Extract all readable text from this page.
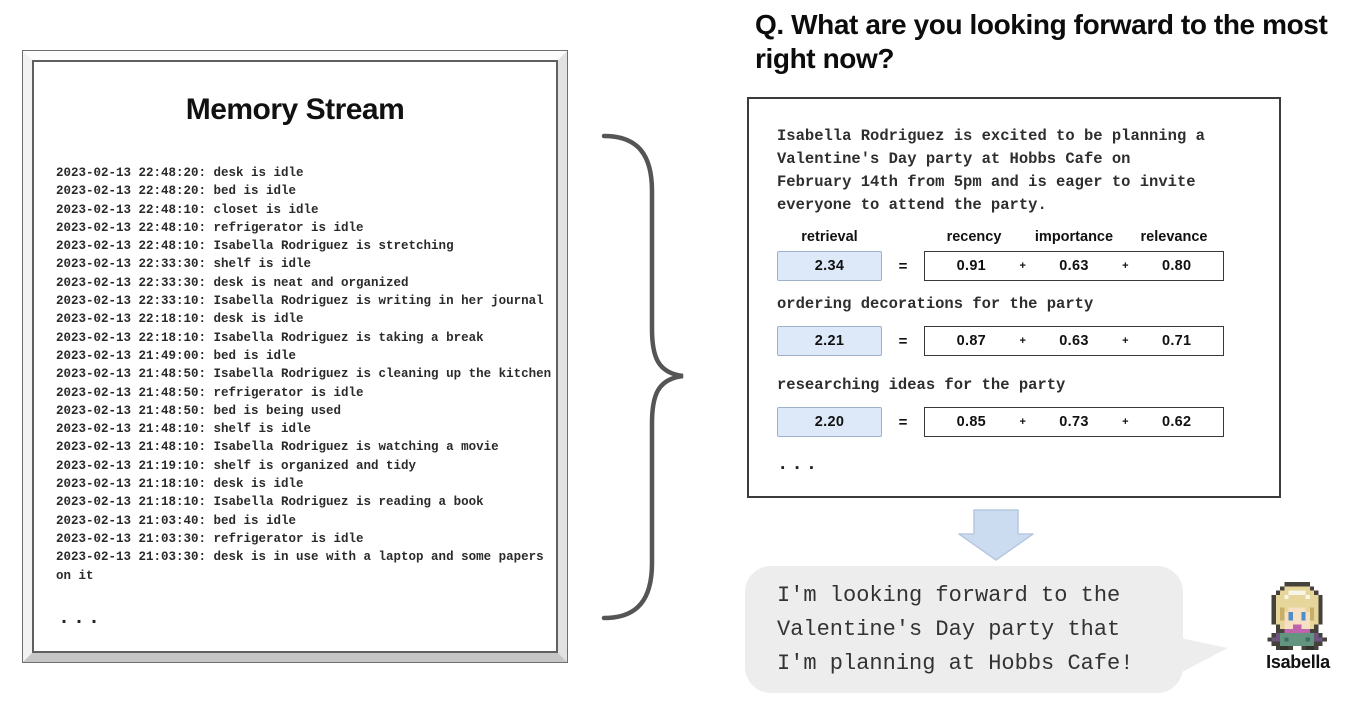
Memory Stream
2023-02-13 22:48:20: desk is idle
2023-02-13 22:48:20: bed is idle
2023-02-13 22:48:10: closet is idle
2023-02-13 22:48:10: refrigerator is idle
2023-02-13 22:48:10: Isabella Rodriguez is stretching
2023-02-13 22:33:30: shelf is idle
2023-02-13 22:33:30: desk is neat and organized
2023-02-13 22:33:10: Isabella Rodriguez is writing in her journal
2023-02-13 22:18:10: desk is idle
2023-02-13 22:18:10: Isabella Rodriguez is taking a break
2023-02-13 21:49:00: bed is idle
2023-02-13 21:48:50: Isabella Rodriguez is cleaning up the kitchen
2023-02-13 21:48:50: refrigerator is idle
2023-02-13 21:48:50: bed is being used
2023-02-13 21:48:10: shelf is idle
2023-02-13 21:48:10: Isabella Rodriguez is watching a movie
2023-02-13 21:19:10: shelf is organized and tidy
2023-02-13 21:18:10: desk is idle
2023-02-13 21:18:10: Isabella Rodriguez is reading a book
2023-02-13 21:03:40: bed is idle
2023-02-13 21:03:30: refrigerator is idle
2023-02-13 21:03:30: desk is in use with a laptop and some papers on it
...
Q. What are you looking forward to the most right now?
Isabella Rodriguez is excited to be planning a Valentine's Day party at Hobbs Cafe on February 14th from 5pm and is eager to invite everyone to attend the party.
retrieval	recency	importance	relevance
2.34	=	0.91	+	0.63	+	0.80
ordering decorations for the party
2.21	=	0.87	+	0.63	+	0.71
researching ideas for the party
2.20	=	0.85	+	0.73	+	0.62
...
I'm looking forward to the Valentine's Day party that I'm planning at Hobbs Cafe!	Isabella
